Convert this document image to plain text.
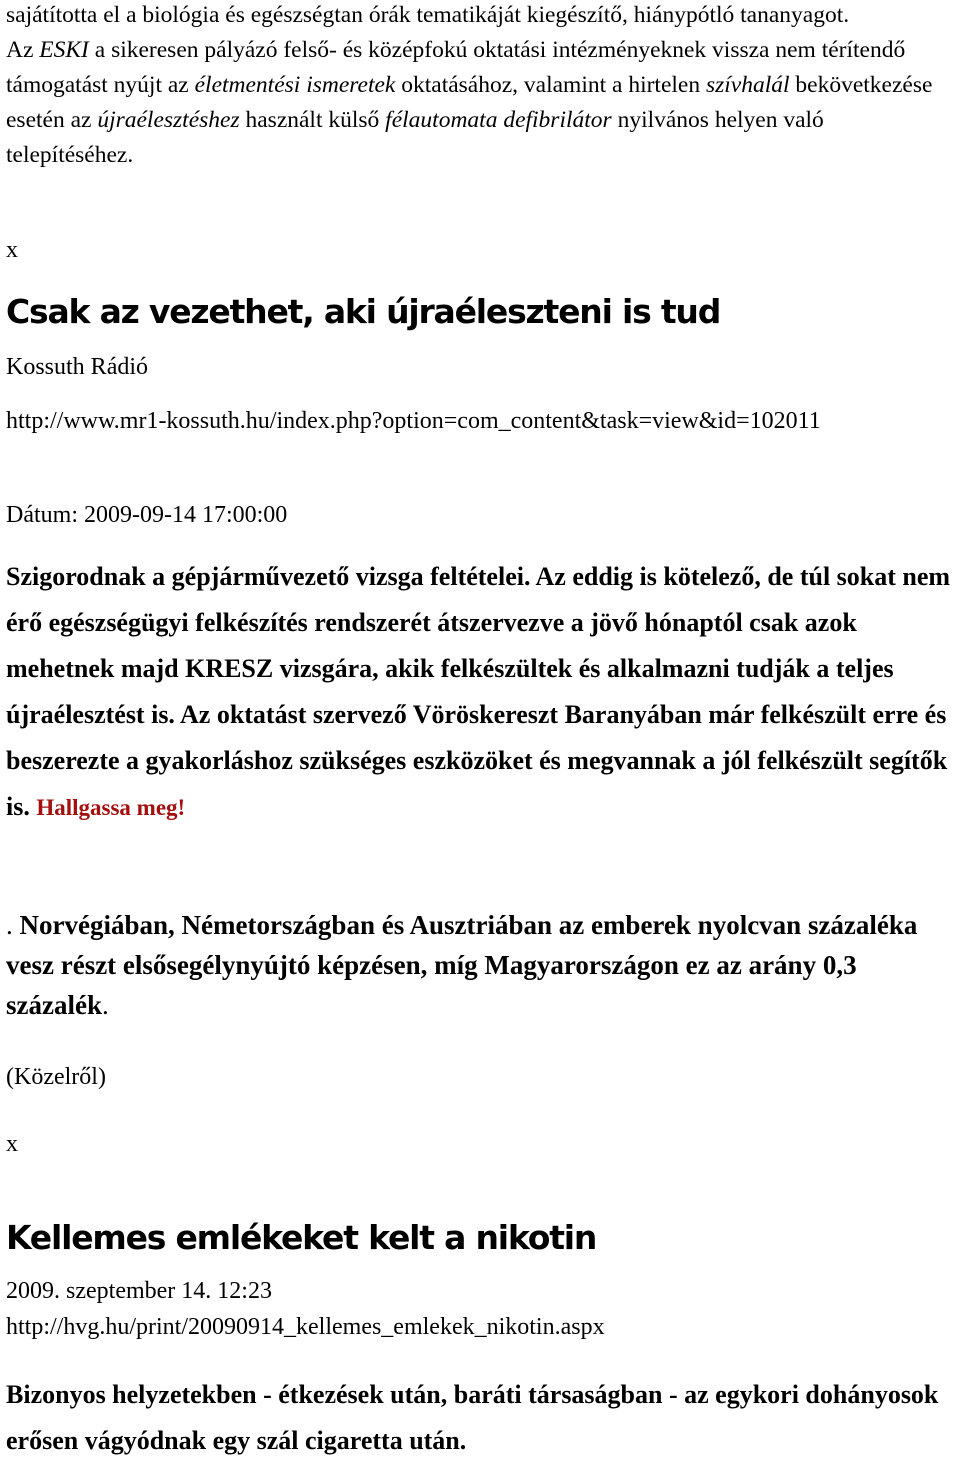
sajátította el a biológia és egészségtan órák tematikáját kiegészítő, hiánypótló tananyagot.
Az ESKI a sikeresen pályázó felső- és középfokú oktatási intézményeknek vissza nem térítendő támogatást nyújt az életmentési ismeretek oktatásához, valamint a hirtelen szívhalál bekövetkezése esetén az újraélesztéshez használt külső félautomata defibrilátor nyilvános helyen való telepítéséhez.
x
Csak az vezethet, aki újraéleszteni is tud
Kossuth Rádió
http://www.mr1-kossuth.hu/index.php?option=com_content&task=view&id=102011
Dátum: 2009-09-14 17:00:00
Szigorodnak a gépjárművezető vizsga feltételei. Az eddig is kötelező, de túl sokat nem érő egészségügyi felkészítés rendszerét átszervezve a jövő hónaptól csak azok mehetnek majd KRESZ vizsgára, akik felkészültek és alkalmazni tudják a teljes újraélesztést is. Az oktatást szervező Vöröskereszt Baranyában már felkészült erre és beszerezte a gyakorláshoz szükséges eszközöket és megvannak a jól felkészült segítők is. Hallgassa meg!
. Norvégiában, Németországban és Ausztriában az emberek nyolcvan százaléka vesz részt elsősegélynyújtó képzésen, míg Magyarországon ez az arány 0,3 százalék.
(Közelről)
x
Kellemes emlékeket kelt a nikotin
2009. szeptember 14. 12:23
http://hvg.hu/print/20090914_kellemes_emlekek_nikotin.aspx
Bizonyos helyzetekben - étkezések után, baráti társaságban - az egykori dohányosok erősen vágyódnak egy szál cigaretta után.
